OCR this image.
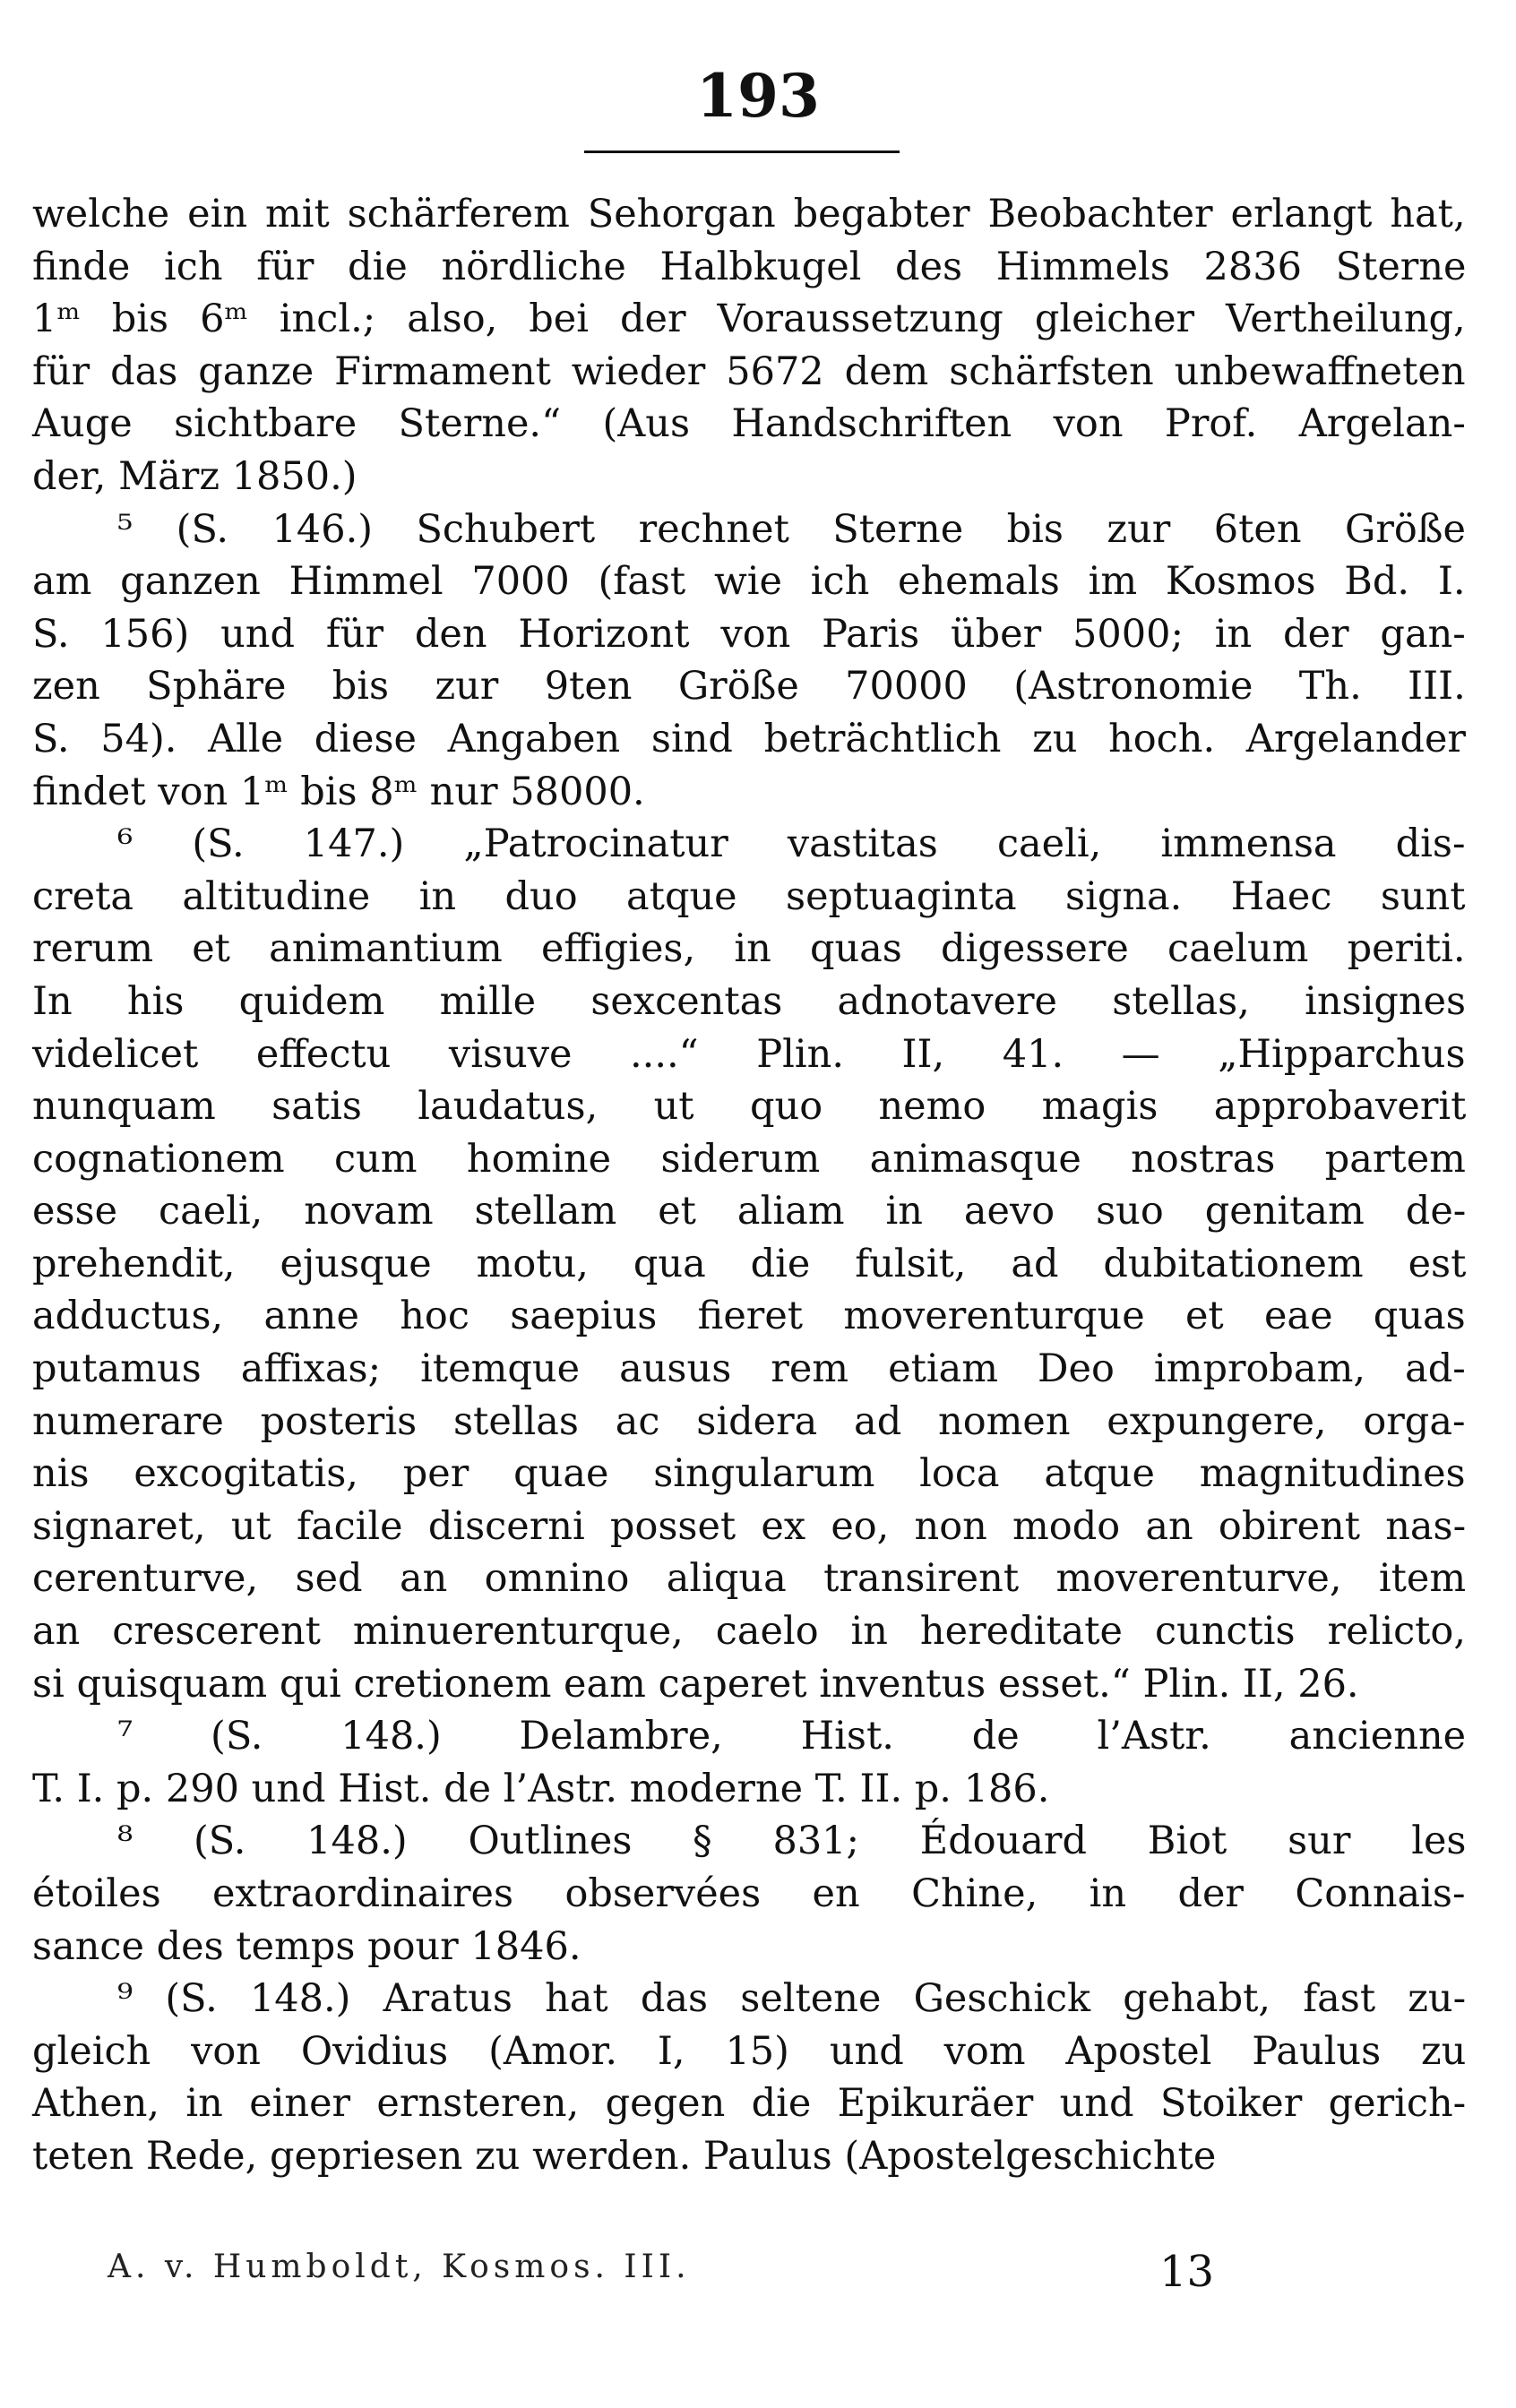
193
welche ein mit schärferem Sehorgan begabter Beobachter erlangt hat,
finde ich für die nördliche Halbkugel des Himmels 2836 Sterne
1ᵐ bis 6ᵐ incl.; also, bei der Voraussetzung gleicher Vertheilung,
für das ganze Firmament wieder 5672 dem schärfsten unbewaffneten
Auge sichtbare Sterne.“ (Aus Handschriften von Prof. Argelan-
der, März 1850.)
⁵ (S. 146.) Schubert rechnet Sterne bis zur 6ten Größe
am ganzen Himmel 7000 (fast wie ich ehemals im Kosmos Bd. I.
S. 156) und für den Horizont von Paris über 5000; in der gan-
zen Sphäre bis zur 9ten Größe 70000 (Astronomie Th. III.
S. 54). Alle diese Angaben sind beträchtlich zu hoch. Argelander
findet von 1ᵐ bis 8ᵐ nur 58000.
⁶ (S. 147.) „Patrocinatur vastitas caeli, immensa dis-
creta altitudine in duo atque septuaginta signa. Haec sunt
rerum et animantium effigies, in quas digessere caelum periti.
In his quidem mille sexcentas adnotavere stellas, insignes
videlicet effectu visuve ....“ Plin. II, 41. — „Hipparchus
nunquam satis laudatus, ut quo nemo magis approbaverit
cognationem cum homine siderum animasque nostras partem
esse caeli, novam stellam et aliam in aevo suo genitam de-
prehendit, ejusque motu, qua die fulsit, ad dubitationem est
adductus, anne hoc saepius fieret moverenturque et eae quas
putamus affixas; itemque ausus rem etiam Deo improbam, ad-
numerare posteris stellas ac sidera ad nomen expungere, orga-
nis excogitatis, per quae singularum loca atque magnitudines
signaret, ut facile discerni posset ex eo, non modo an obirent nas-
cerenturve, sed an omnino aliqua transirent moverenturve, item
an crescerent minuerenturque, caelo in hereditate cunctis relicto,
si quisquam qui cretionem eam caperet inventus esset.“ Plin. II, 26.
⁷ (S. 148.) Delambre, Hist. de l’Astr. ancienne
T. I. p. 290 und Hist. de l’Astr. moderne T. II. p. 186.
⁸ (S. 148.) Outlines § 831; Édouard Biot sur les
étoiles extraordinaires observées en Chine, in der Connais-
sance des temps pour 1846.
⁹ (S. 148.) Aratus hat das seltene Geschick gehabt, fast zu-
gleich von Ovidius (Amor. I, 15) und vom Apostel Paulus zu
Athen, in einer ernsteren, gegen die Epikuräer und Stoiker gerich-
teten Rede, gepriesen zu werden. Paulus (Apostelgeschichte
A. v. Humboldt, Kosmos. III.	13
